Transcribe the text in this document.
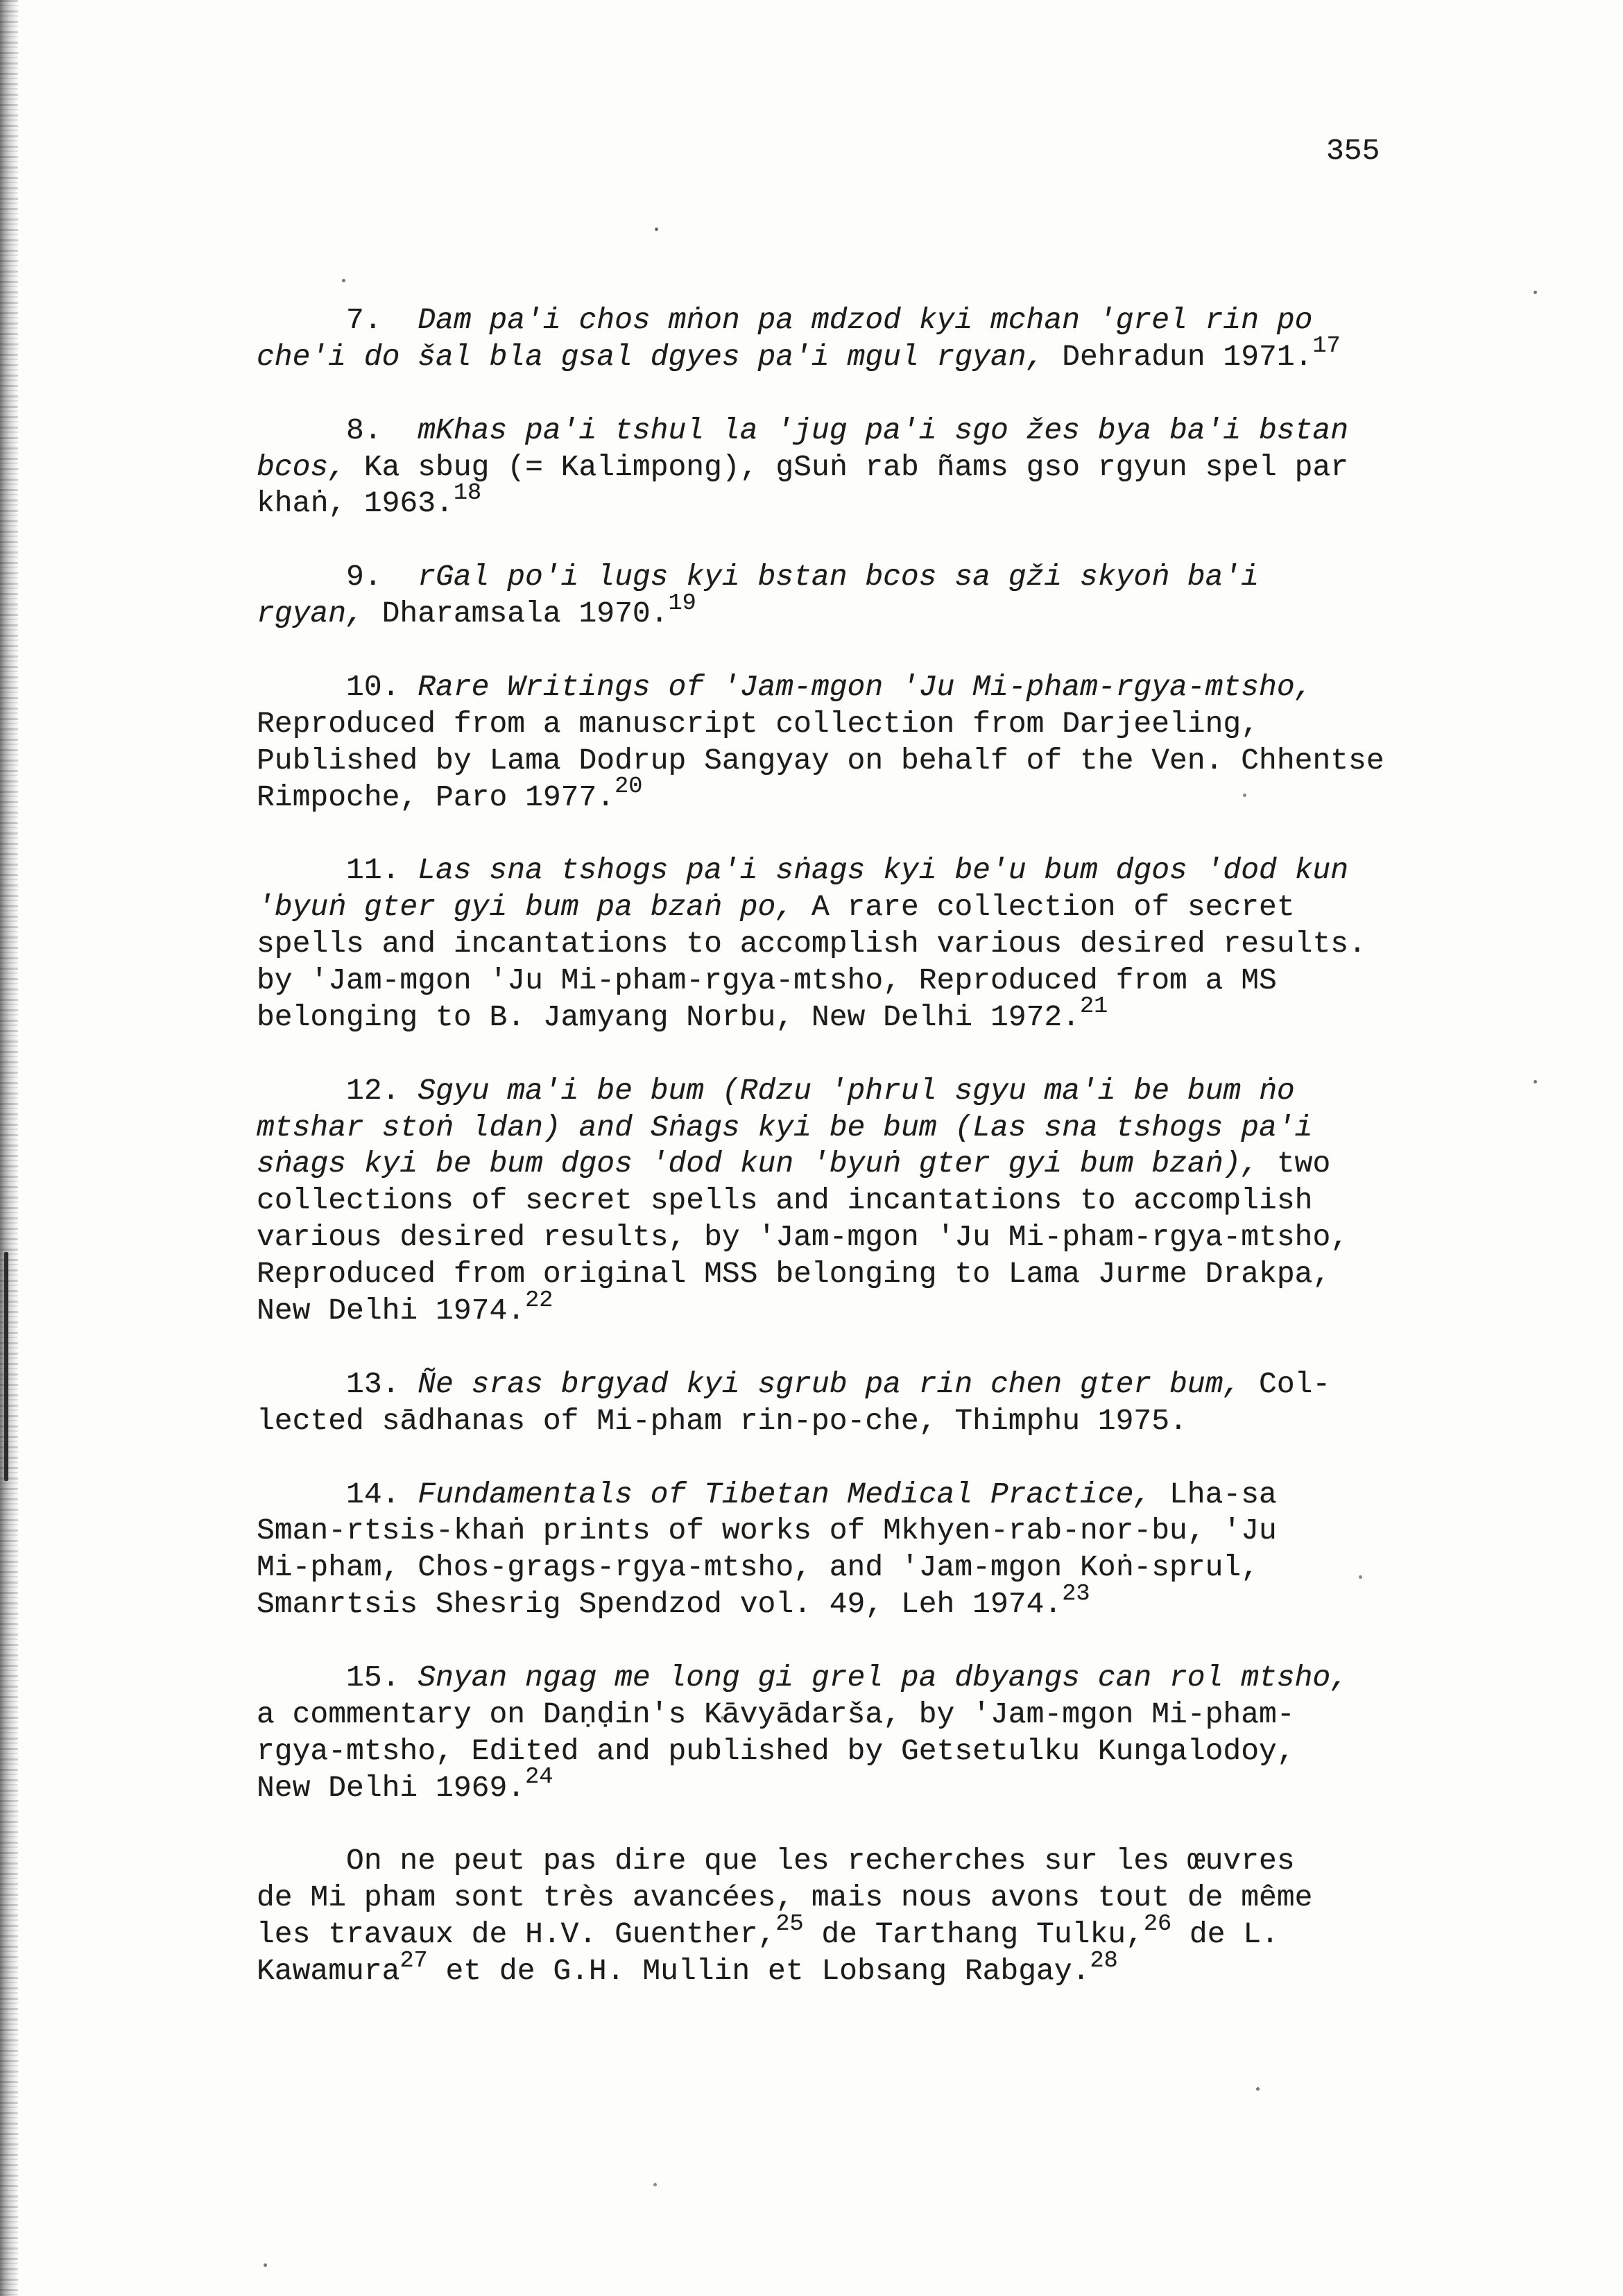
355
7. Dam pa'i chos mṅon pa mdzod kyi mchan 'grel rin po
che'i do šal bla gsal dgyes pa'i mgul rgyan, Dehradun 1971.17
8. mKhas pa'i tshul la 'jug pa'i sgo žes bya ba'i bstan
bcos, Ka sbug (= Kalimpong), gSuṅ rab ñams gso rgyun spel par
khaṅ, 1963.18
9. rGal po'i lugs kyi bstan bcos sa gži skyoṅ ba'i
rgyan, Dharamsala 1970.19
10. Rare Writings of 'Jam-mgon 'Ju Mi-pham-rgya-mtsho,
Reproduced from a manuscript collection from Darjeeling,
Published by Lama Dodrup Sangyay on behalf of the Ven. Chhentse
Rimpoche, Paro 1977.20
11. Las sna tshogs pa'i sṅags kyi be'u bum dgos 'dod kun
'byuṅ gter gyi bum pa bzaṅ po, A rare collection of secret
spells and incantations to accomplish various desired results.
by 'Jam-mgon 'Ju Mi-pham-rgya-mtsho, Reproduced from a MS
belonging to B. Jamyang Norbu, New Delhi 1972.21
12. Sgyu ma'i be bum (Rdzu 'phrul sgyu ma'i be bum ṅo
mtshar stoṅ ldan) and Sṅags kyi be bum (Las sna tshogs pa'i
sṅags kyi be bum dgos 'dod kun 'byuṅ gter gyi bum bzaṅ), two
collections of secret spells and incantations to accomplish
various desired results, by 'Jam-mgon 'Ju Mi-pham-rgya-mtsho,
Reproduced from original MSS belonging to Lama Jurme Drakpa,
New Delhi 1974.22
13. Ñe sras brgyad kyi sgrub pa rin chen gter bum, Col-
lected sādhanas of Mi-pham rin-po-che, Thimphu 1975.
14. Fundamentals of Tibetan Medical Practice, Lha-sa
Sman-rtsis-khaṅ prints of works of Mkhyen-rab-nor-bu, 'Ju
Mi-pham, Chos-grags-rgya-mtsho, and 'Jam-mgon Koṅ-sprul,
Smanrtsis Shesrig Spendzod vol. 49, Leh 1974.23
15. Snyan ngag me long gi grel pa dbyangs can rol mtsho,
a commentary on Daṇḍin's Kāvyādarša, by 'Jam-mgon Mi-pham-
rgya-mtsho, Edited and published by Getsetulku Kungalodoy,
New Delhi 1969.24
On ne peut pas dire que les recherches sur les œuvres
de Mi pham sont très avancées, mais nous avons tout de même
les travaux de H.V. Guenther,$^{25}$ de Tarthang Tulku,$^{26}$ de L.
Kawamura$^{27}$ et de G.H. Mullin et Lobsang Rabgay.$^{28}$
